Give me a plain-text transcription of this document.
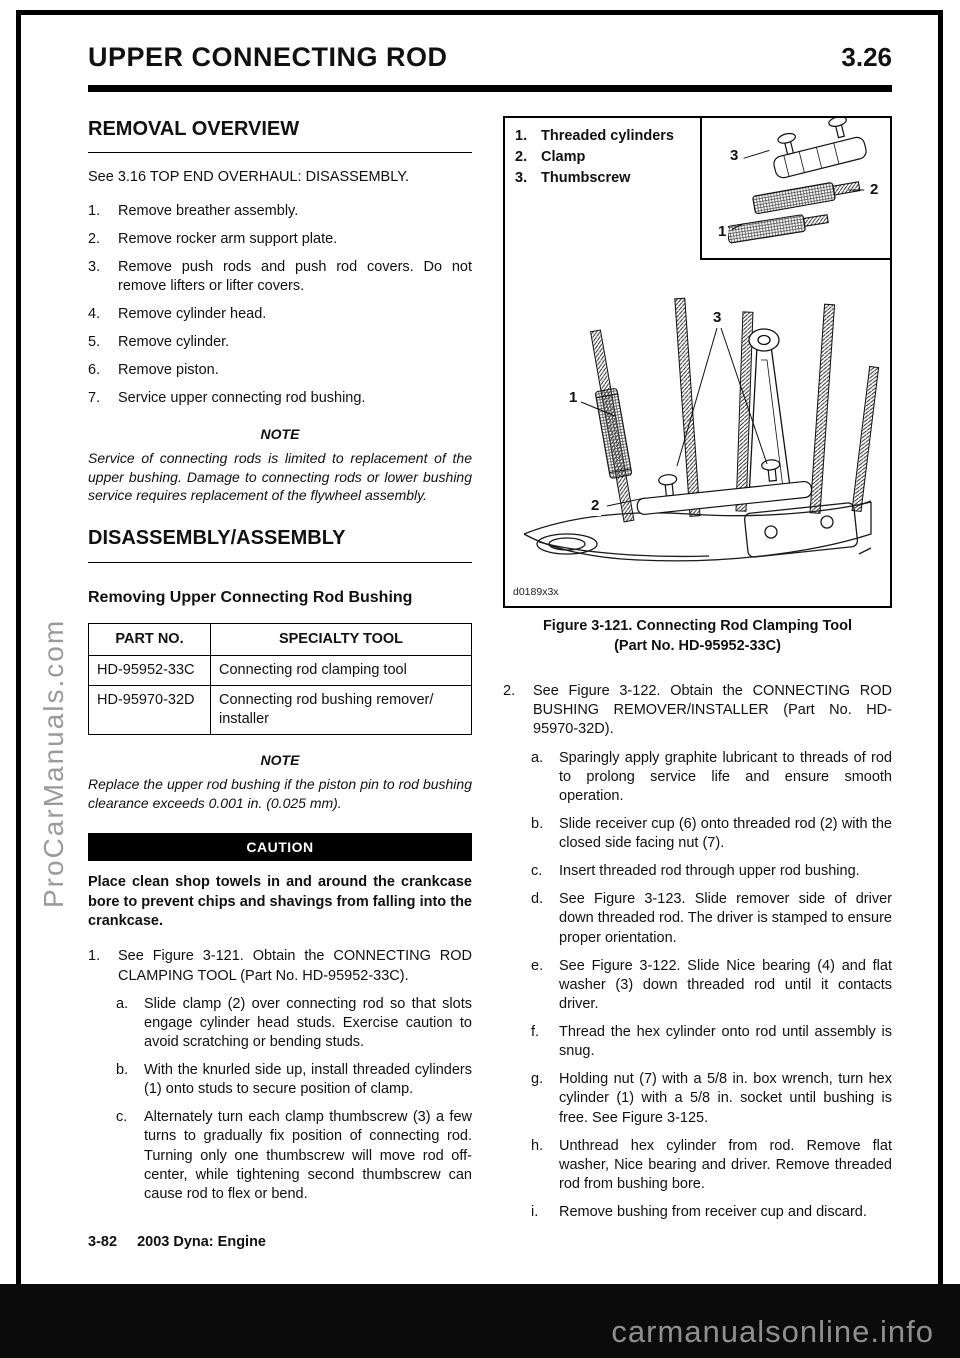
ProCarManuals.com
UPPER CONNECTING ROD	3.26
REMOVAL OVERVIEW

See 3.16 TOP END OVERHAUL: DISASSEMBLY.

1.	Remove breather assembly.
2.	Remove rocker arm support plate.
3.	Remove push rods and push rod covers. Do not remove lifters or lifter covers.
4.	Remove cylinder head.
5.	Remove cylinder.
6.	Remove piston.
7.	Service upper connecting rod bushing.
NOTE
Service of connecting rods is limited to replacement of the upper bushing. Damage to connecting rods or lower bushing service requires replacement of the flywheel assembly.
DISASSEMBLY/ASSEMBLY
Removing Upper Connecting Rod Bushing
PART NO.	SPECIALTY TOOL
HD-95952-33C	Connecting rod clamping tool

HD-95970-32D	Connecting rod bushing remover/
installer
NOTE
Replace the upper rod bushing if the piston pin to rod bushing clearance exceeds 0.001 in. (0.025 mm).
CAUTION
Place clean shop towels in and around the crankcase bore to prevent chips and shavings from falling into the crankcase.
1.	See Figure 3-121. Obtain the CONNECTING ROD CLAMPING TOOL (Part No. HD-95952-33C).
a.	Slide clamp (2) over connecting rod so that slots engage cylinder head studs. Exercise caution to avoid scratching or bending studs.
b.	With the knurled side up, install threaded cylinders (1) onto studs to secure position of clamp.
c.	Alternately turn each clamp thumbscrew (3) a few turns to gradually fix position of connecting rod. Turning only one thumbscrew will move rod off-center, while tightening second thumbscrew can cause rod to flex or bend.
1. Threaded cylinders
2. Clamp
3. Thumbscrew
3
2
1
1
2
3
d0189x3x
Figure 3-121. Connecting Rod Clamping Tool
(Part No. HD-95952-33C)
2.	See Figure 3-122. Obtain the CONNECTING ROD BUSHING REMOVER/INSTALLER (Part No. HD-95970-32D).
a.	Sparingly apply graphite lubricant to threads of rod to prolong service life and ensure smooth operation.
b.	Slide receiver cup (6) onto threaded rod (2) with the closed side facing nut (7).
c.	Insert threaded rod through upper rod bushing.
d.	See Figure 3-123. Slide remover side of driver down threaded rod. The driver is stamped to ensure proper orientation.
e.	See Figure 3-122. Slide Nice bearing (4) and flat washer (3) down threaded rod until it contacts driver.
f.	Thread the hex cylinder onto rod until assembly is snug.
g.	Holding nut (7) with a 5/8 in. box wrench, turn hex cylinder (1) with a 5/8 in. socket until bushing is free. See Figure 3-125.
h.	Unthread hex cylinder from rod. Remove flat washer, Nice bearing and driver. Remove threaded rod from bushing bore.
i.	Remove bushing from receiver cup and discard.
3-82 2003 Dyna: Engine
carmanualsonline.info
